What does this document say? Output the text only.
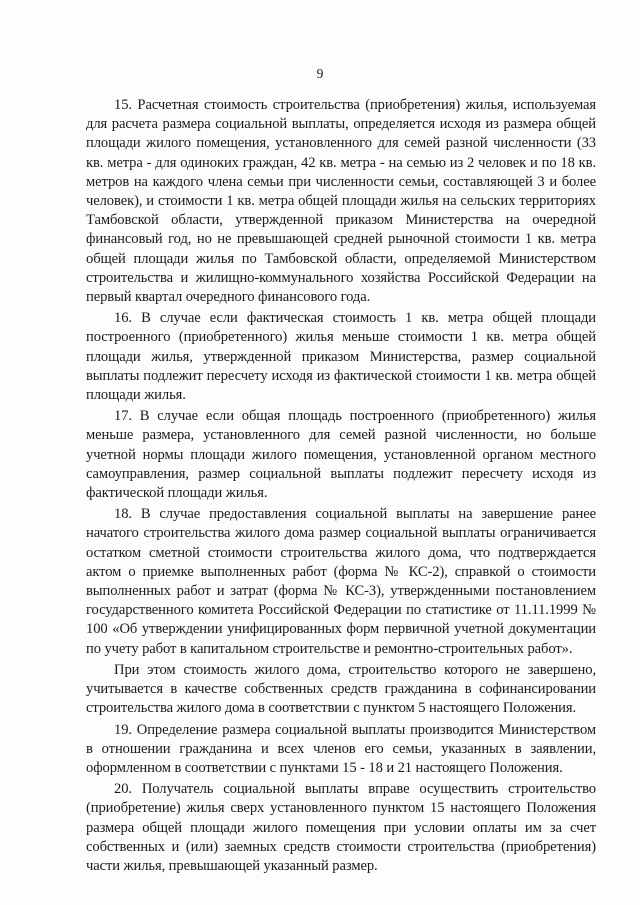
9

15. Расчетная стоимость строительства (приобретения) жилья, используемая для расчета размера социальной выплаты, определяется исходя из размера общей площади жилого помещения, установленного для семей разной численности (33 кв. метра - для одиноких граждан, 42 кв. метра - на семью из 2 человек и по 18 кв. метров на каждого члена семьи при численности семьи, составляющей 3 и более человек), и стоимости 1 кв. метра общей площади жилья на сельских территориях Тамбовской области, утвержденной приказом Министерства на очередной финансовый год, но не превышающей средней рыночной стоимости 1 кв. метра общей площади жилья по Тамбовской области, определяемой Министерством строительства и жилищно-коммунального хозяйства Российской Федерации на первый квартал очередного финансового года.

16. В случае если фактическая стоимость 1 кв. метра общей площади построенного (приобретенного) жилья меньше стоимости 1 кв. метра общей площади жилья, утвержденной приказом Министерства, размер социальной выплаты подлежит пересчету исходя из фактической стоимости 1 кв. метра общей площади жилья.

17. В случае если общая площадь построенного (приобретенного) жилья меньше размера, установленного для семей разной численности, но больше учетной нормы площади жилого помещения, установленной органом местного самоуправления, размер социальной выплаты подлежит пересчету исходя из фактической площади жилья.

18. В случае предоставления социальной выплаты на завершение ранее начатого строительства жилого дома размер социальной выплаты ограничивается остатком сметной стоимости строительства жилого дома, что подтверждается актом о приемке выполненных работ (форма № КС-2), справкой о стоимости выполненных работ и затрат (форма № КС-3), утвержденными постановлением государственного комитета Российской Федерации по статистике от 11.11.1999 № 100 «Об утверждении унифицированных форм первичной учетной документации по учету работ в капитальном строительстве и ремонтно-строительных работ».

При этом стоимость жилого дома, строительство которого не завершено, учитывается в качестве собственных средств гражданина в софинансировании строительства жилого дома в соответствии с пунктом 5 настоящего Положения.

19. Определение размера социальной выплаты производится Министерством в отношении гражданина и всех членов его семьи, указанных в заявлении, оформленном в соответствии с пунктами 15 - 18 и 21 настоящего Положения.

20. Получатель социальной выплаты вправе осуществить строительство (приобретение) жилья сверх установленного пунктом 15 настоящего Положения размера общей площади жилого помещения при условии оплаты им за счет собственных и (или) заемных средств стоимости строительства (приобретения) части жилья, превышающей указанный размер.
